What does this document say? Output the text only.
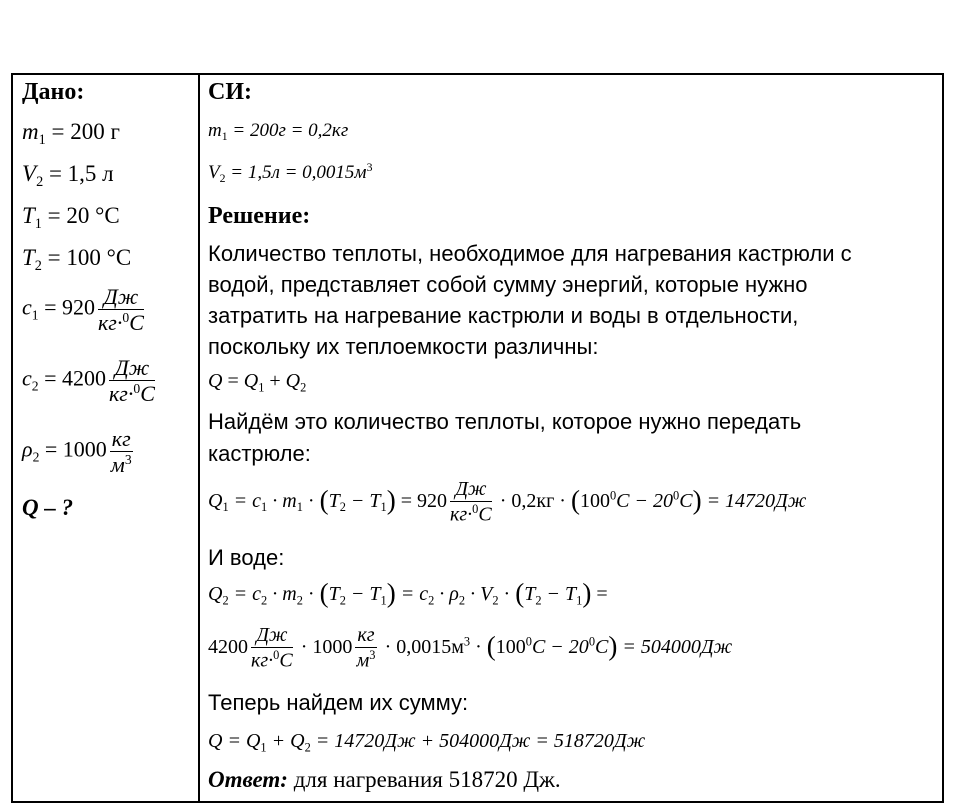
Дано:
$m_1 = 200$ г
$V_2 = 1,5$ л
$T_1 = 20$ °C
$T_2 = 100$ °C
$c_1 = 920 \frac{Дж}{кг\cdot^0C}$
$c_2 = 4200 \frac{Дж}{кг\cdot^0C}$
$\rho_2 = 1000 \frac{кг}{м^3}$
Q – ?
СИ:
$m_1 = 200г = 0,2кг$
$V_2 = 1,5л = 0,0015м^3$
Решение:
Количество теплоты, необходимое для нагревания кастрюли с
водой, представляет собой сумму энергий, которые нужно
затратить на нагревание кастрюли и воды в отдельности,
поскольку их теплоемкости различны:
$Q = Q_1 + Q_2$
Найдём это количество теплоты, которое нужно передать
кастрюле:
$Q_1 = c_1 \cdot m_1 \cdot (T_2 - T_1) = 920 \frac{Дж}{кг\cdot^0C} \cdot 0,2кг \cdot (100^0C - 20^0C) = 14720Дж$
И воде:
$Q_2 = c_2 \cdot m_2 \cdot (T_2 - T_1) = c_2 \cdot \rho_2 \cdot V_2 \cdot (T_2 - T_1)$ =
$4200 \frac{Дж}{кг\cdot^0C} \cdot 1000 \frac{кг}{м^3} \cdot 0,0015м^3 \cdot (100^0C - 20^0C) = 504000Дж$
Теперь найдем их сумму:
$Q = Q_1 + Q_2 = 14720Дж + 504000Дж = 518720Дж$
Ответ: для нагревания 518720 Дж.
